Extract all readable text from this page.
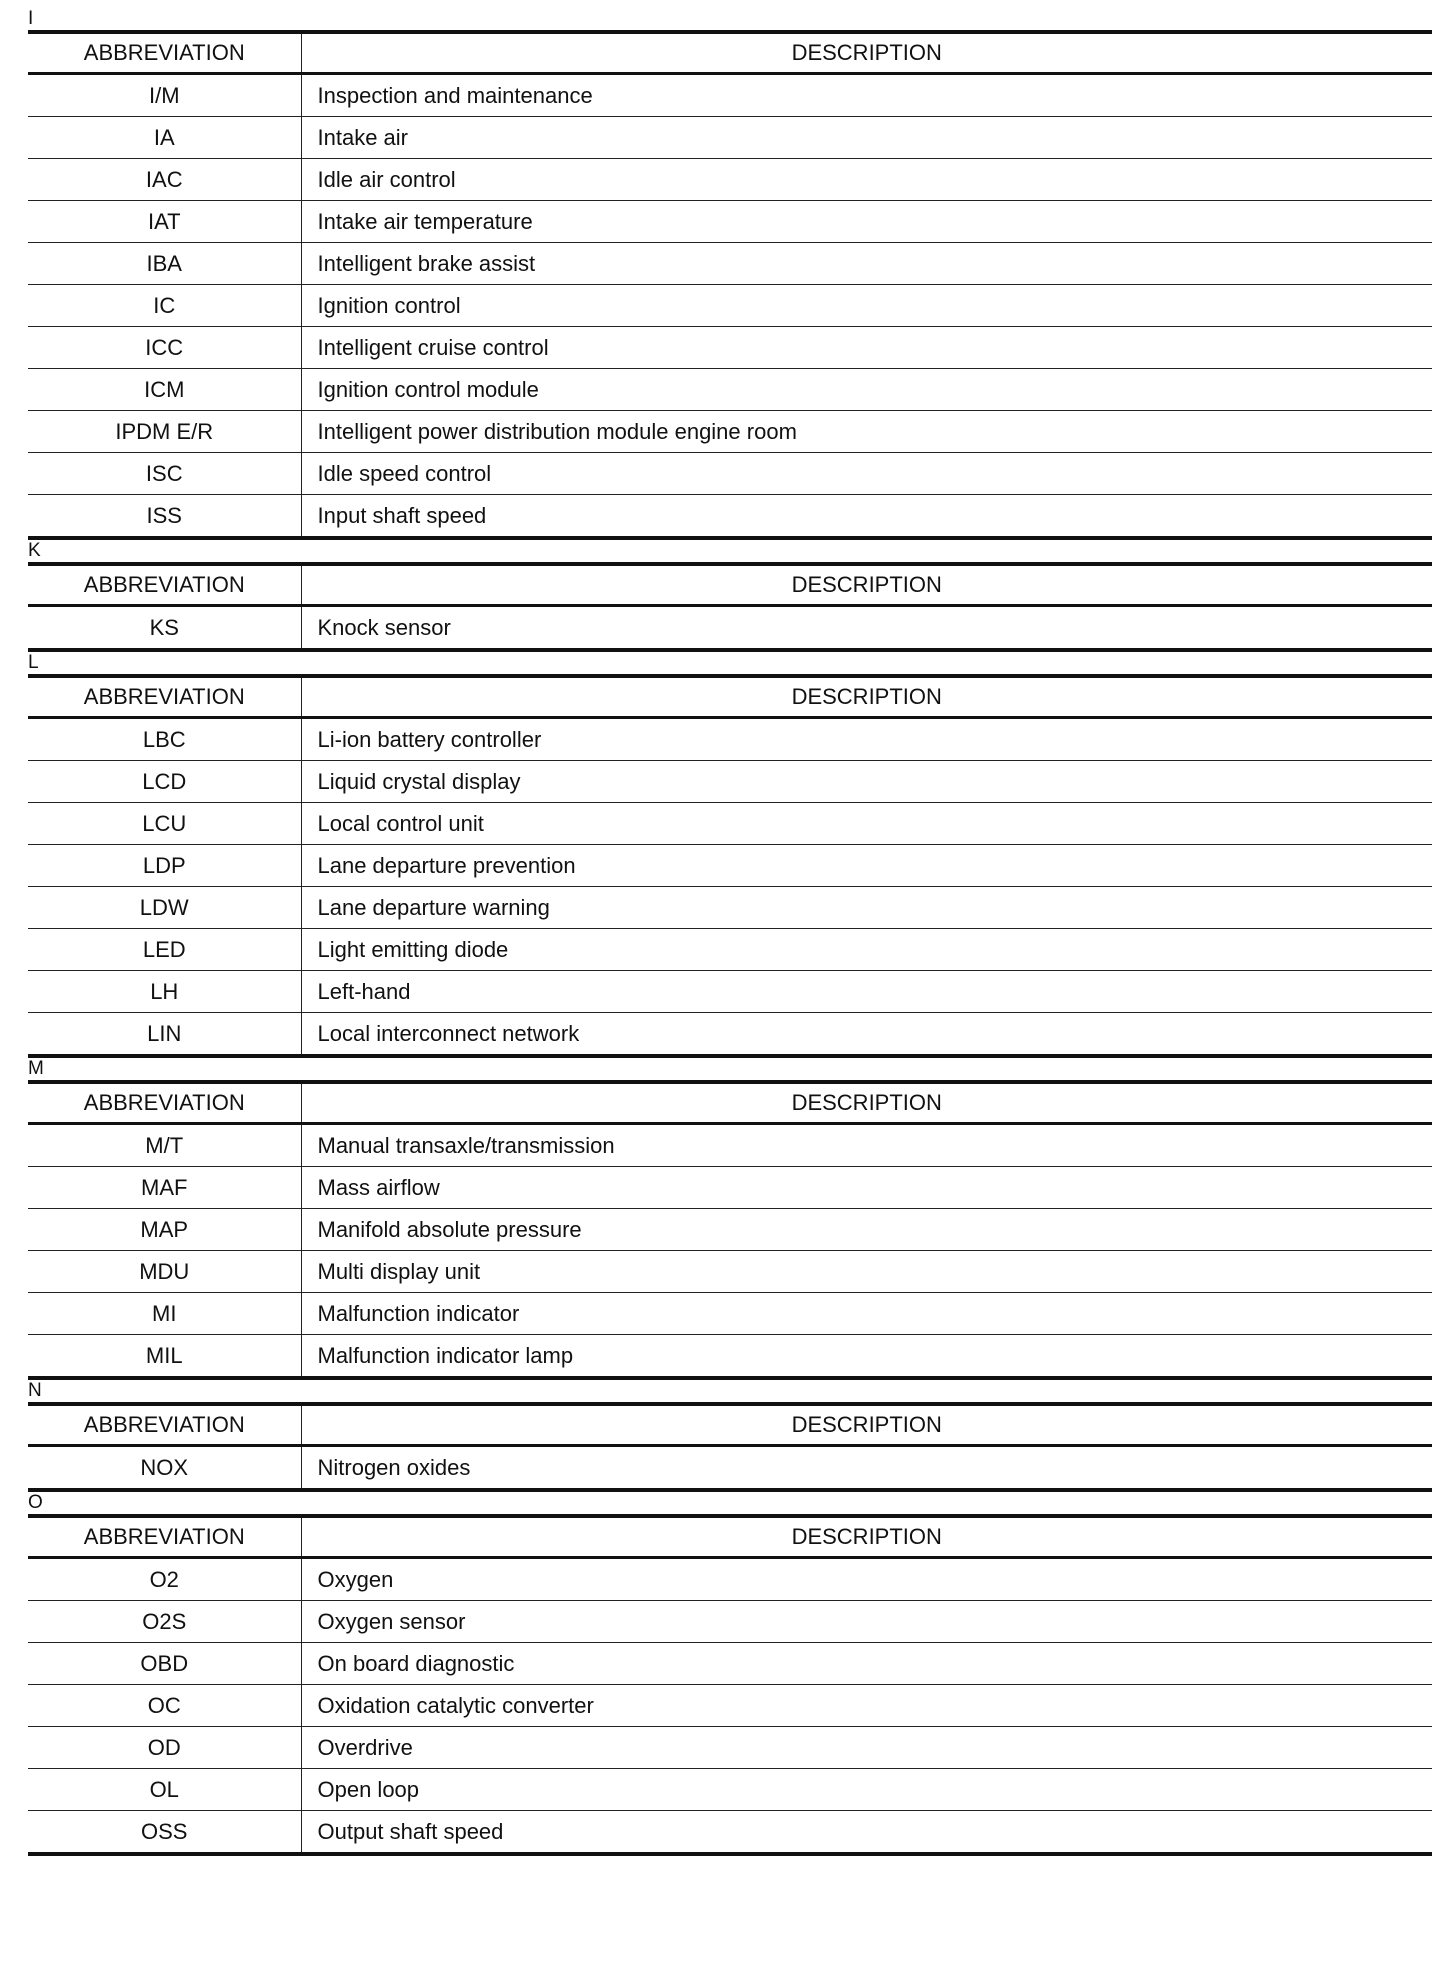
I
ABBREVIATION	DESCRIPTION
I/M	Inspection and maintenance
IA	Intake air
IAC	Idle air control
IAT	Intake air temperature
IBA	Intelligent brake assist
IC	Ignition control
ICC	Intelligent cruise control
ICM	Ignition control module
IPDM E/R	Intelligent power distribution module engine room
ISC	Idle speed control
ISS	Input shaft speed
K
ABBREVIATION	DESCRIPTION
KS	Knock sensor
L
ABBREVIATION	DESCRIPTION
LBC	Li-ion battery controller
LCD	Liquid crystal display
LCU	Local control unit
LDP	Lane departure prevention
LDW	Lane departure warning
LED	Light emitting diode
LH	Left-hand
LIN	Local interconnect network
M
ABBREVIATION	DESCRIPTION
M/T	Manual transaxle/transmission
MAF	Mass airflow
MAP	Manifold absolute pressure
MDU	Multi display unit
MI	Malfunction indicator
MIL	Malfunction indicator lamp
N
ABBREVIATION	DESCRIPTION
NOX	Nitrogen oxides
O
ABBREVIATION	DESCRIPTION
O2	Oxygen
O2S	Oxygen sensor
OBD	On board diagnostic
OC	Oxidation catalytic converter
OD	Overdrive
OL	Open loop
OSS	Output shaft speed
